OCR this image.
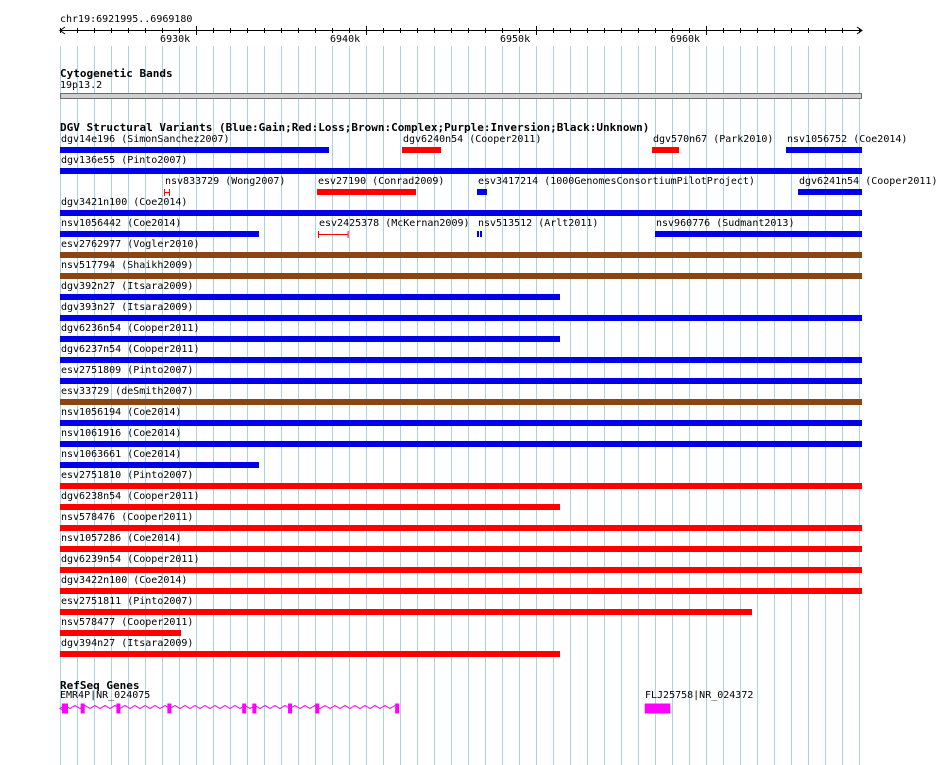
chr19:6921995..6969180
Cytogenetic Bands
19p13.2
DGV Structural Variants (Blue:Gain;Red:Loss;Brown:Complex;Purple:Inversion;Black:Unknown)
dgv14e196 (SimonSanchez2007)	dgv6240n54 (Cooper2011)	dgv570n67 (Park2010) nsv1056752 (Coe2014)
dgv136e55 (Pinto2007)
nsv833729 (Wong2007)	esv27190 (Conrad2009)	esv3417214 (1000GenomesConsortiumPilotProject)	dgv6241n54 (Cooper2011)
dgv3421n100 (Coe2014)
nsv1056442 (Coe2014)	esv2425378 (McKernan2009) nsv513512 (Arlt2011)	nsv960776 (Sudmant2013)
esv2762977 (Vogler2010)
nsv517794 (Shaikh2009)
dgv392n27 (Itsara2009)
dgv393n27 (Itsara2009)
dgv6236n54 (Cooper2011)
dgv6237n54 (Cooper2011)
esv2751809 (Pinto2007)
esv33729 (deSmith2007)
nsv1056194 (Coe2014)
nsv1061916 (Coe2014)
nsv1063661 (Coe2014)
esv2751810 (Pinto2007)
dgv6238n54 (Cooper2011)
nsv578476 (Cooper2011)
nsv1057286 (Coe2014)
dgv6239n54 (Cooper2011)
dgv3422n100 (Coe2014)
esv2751811 (Pinto2007)
nsv578477 (Cooper2011)
dgv394n27 (Itsara2009)
RefSeq Genes
EMR4P|NR_024075	FLJ25758|NR_024372
6930k	6940k	6950k	6960k
